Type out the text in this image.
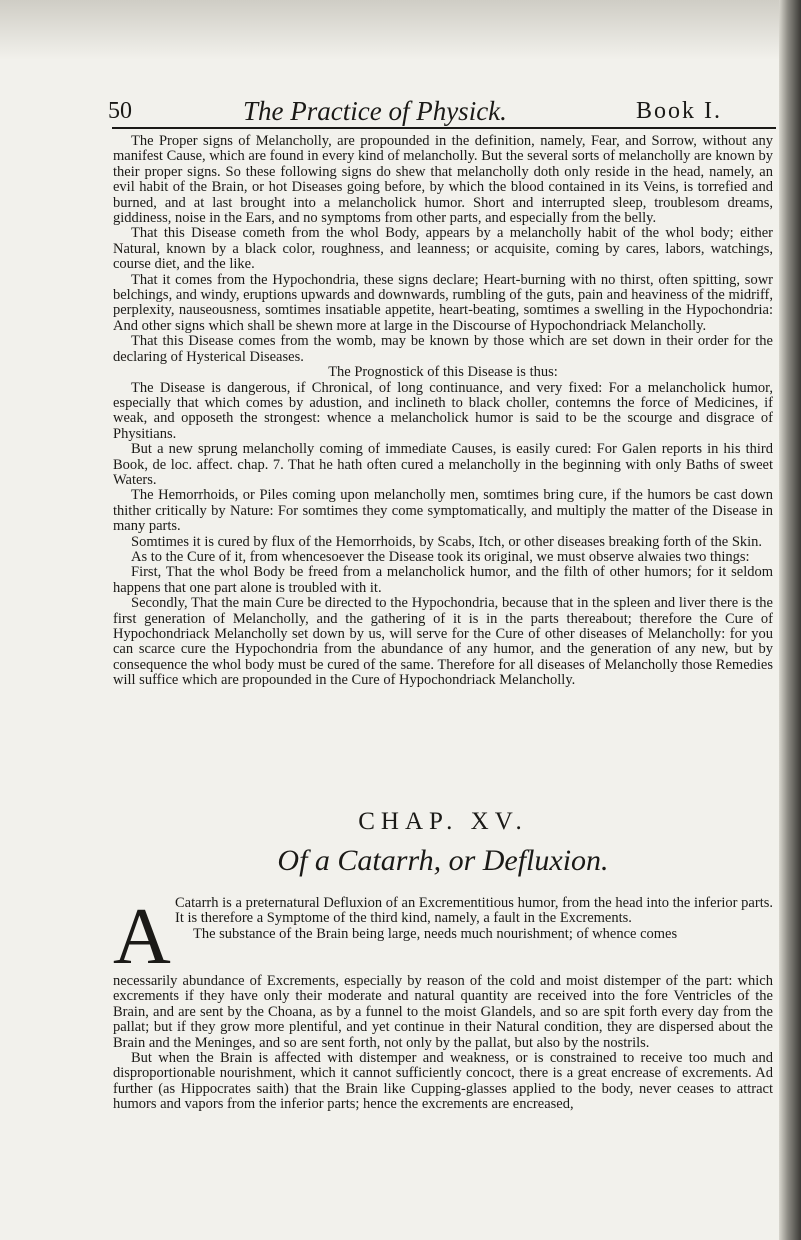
50	The Practice of Physick.	Book I.

The Proper signs of Melancholly, are propounded in the definition, namely, Fear, and Sorrow, without any manifest Cause, which are found in every kind of melancholly. But the several sorts of melancholly are known by their proper signs. So these following signs do shew that melancholly doth only reside in the head, namely, an evil habit of the Brain, or hot Diseases going before, by which the blood contained in its Veins, is torrefied and burned, and at last brought into a melancholick humor. Short and interrupted sleep, troublesom dreams, giddiness, noise in the Ears, and no symptoms from other parts, and especially from the belly.

That this Disease cometh from the whol Body, appears by a melancholly habit of the whol body; either Natural, known by a black color, roughness, and leanness; or acquisite, coming by cares, labors, watchings, course diet, and the like.

That it comes from the Hypochondria, these signs declare; Heart-burning with no thirst, often spitting, sowr belchings, and windy, eruptions upwards and downwards, rumbling of the guts, pain and heaviness of the midriff, perplexity, nauseousness, somtimes insatiable appetite, heart-beating, somtimes a swelling in the Hypochondria: And other signs which shall be shewn more at large in the Discourse of Hypochondriack Melancholly.

That this Disease comes from the womb, may be known by those which are set down in their order for the declaring of Hysterical Diseases.

The Prognostick of this Disease is thus:

The Disease is dangerous, if Chronical, of long continuance, and very fixed: For a melancholick humor, especially that which comes by adustion, and inclineth to black choller, contemns the force of Medicines, if weak, and opposeth the strongest: whence a melancholick humor is said to be the scourge and disgrace of Physitians.

But a new sprung melancholly coming of immediate Causes, is easily cured: For Galen reports in his third Book, de loc. affect. chap. 7. That he hath often cured a melancholly in the beginning with only Baths of sweet Waters.

The Hemorrhoids, or Piles coming upon melancholly men, somtimes bring cure, if the humors be cast down thither critically by Nature: For somtimes they come symptomatically, and multiply the matter of the Disease in many parts.

Somtimes it is cured by flux of the Hemorrhoids, by Scabs, Itch, or other diseases breaking forth of the Skin.

As to the Cure of it, from whencesoever the Disease took its original, we must observe alwaies two things:

First, That the whol Body be freed from a melancholick humor, and the filth of other humors; for it seldom happens that one part alone is troubled with it.

Secondly, That the main Cure be directed to the Hypochondria, because that in the spleen and liver there is the first generation of Melancholly, and the gathering of it is in the parts thereabout; therefore the Cure of Hypochondriack Melancholly set down by us, will serve for the Cure of other diseases of Melancholly: for you can scarce cure the Hypochondria from the abundance of any humor, and the generation of any new, but by consequence the whol body must be cured of the same. Therefore for all diseases of Melancholly those Remedies will suffice which are propounded in the Cure of Hypochondriack Melancholly.

CHAP. XV.
Of a Catarrh, or Defluxion.
A Catarrh is a preternatural Defluxion of an Excrementitious humor, from the head into the inferior parts. It is therefore a Symptome of the third kind, namely, a fault in the Excrements.

The substance of the Brain being large, needs much nourishment; of whence comes

necessarily abundance of Excrements, especially by reason of the cold and moist distemper of the part: which excrements if they have only their moderate and natural quantity are received into the fore Ventricles of the Brain, and are sent by the Choana, as by a funnel to the moist Glandels, and so are spit forth every day from the pallat; but if they grow more plentiful, and yet continue in their Natural condition, they are dispersed about the Brain and the Meninges, and so are sent forth, not only by the pallat, but also by the nostrils.

But when the Brain is affected with distemper and weakness, or is constrained to receive too much and disproportionable nourishment, which it cannot sufficiently concoct, there is a great encrease of excrements. Ad further (as Hippocrates saith) that the Brain like Cupping-glasses applied to the body, never ceases to attract humors and vapors from the inferior parts; hence the excrements are encreased,
